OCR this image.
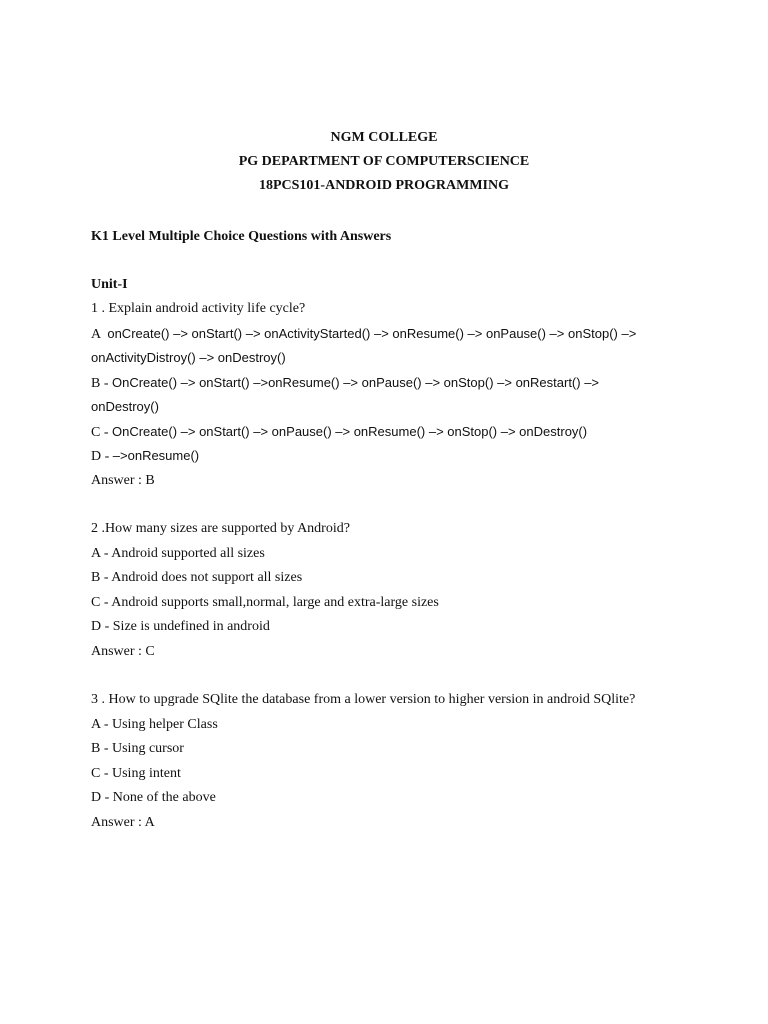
NGM COLLEGE
PG DEPARTMENT OF COMPUTERSCIENCE
18PCS101-ANDROID PROGRAMMING
K1 Level Multiple Choice Questions with Answers
Unit-I
1 . Explain android activity life cycle?
A  onCreate() –> onStart() –> onActivityStarted() –> onResume() –> onPause() –> onStop() –>
onActivityDistroy() –> onDestroy()
B - OnCreate() –> onStart() –>onResume() –> onPause() –> onStop() –> onRestart() –>
onDestroy()
C - OnCreate() –> onStart() –> onPause() –> onResume() –> onStop() –> onDestroy()
D - –>onResume()
Answer : B
2 .How many sizes are supported by Android?
A - Android supported all sizes
B - Android does not support all sizes
C - Android supports small,normal, large and extra-large sizes
D - Size is undefined in android
Answer : C
3 . How to upgrade SQlite the database from a lower version to higher version in android SQlite?
A - Using helper Class
B - Using cursor
C - Using intent
D - None of the above
Answer : A
